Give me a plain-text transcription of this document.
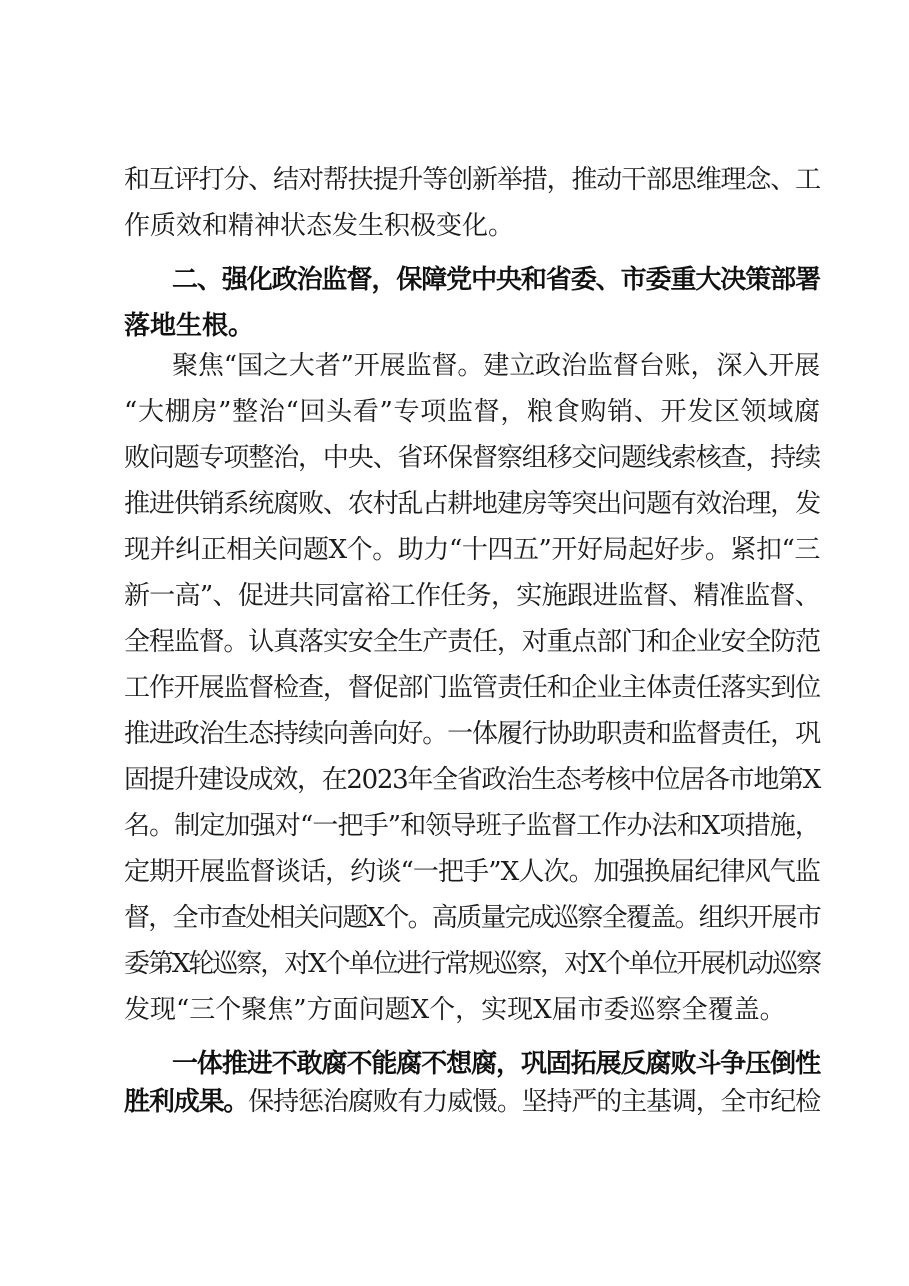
和互评打分、结对帮扶提升等创新举措，推动干部思维理念、工
作质效和精神状态发生积极变化。
二、强化政治监督，保障党中央和省委、市委重大决策部署
落地生根。
聚焦“国之大者”开展监督。建立政治监督台账，深入开展
“大棚房”整治“回头看”专项监督，粮食购销、开发区领域腐
败问题专项整治，中央、省环保督察组移交问题线索核查，持续
推进供销系统腐败、农村乱占耕地建房等突出问题有效治理，发
现并纠正相关问题X个。助力“十四五”开好局起好步。紧扣“三
新一高”、促进共同富裕工作任务，实施跟进监督、精准监督、
全程监督。认真落实安全生产责任，对重点部门和企业安全防范
工作开展监督检查，督促部门监管责任和企业主体责任落实到位
推进政治生态持续向善向好。一体履行协助职责和监督责任，巩
固提升建设成效，在2023年全省政治生态考核中位居各市地第X
名。制定加强对“一把手”和领导班子监督工作办法和X项措施，
定期开展监督谈话，约谈“一把手”X人次。加强换届纪律风气监
督，全市查处相关问题X个。高质量完成巡察全覆盖。组织开展市
委第X轮巡察，对X个单位进行常规巡察，对X个单位开展机动巡察
发现“三个聚焦”方面问题X个，实现X届市委巡察全覆盖。
一体推进不敢腐不能腐不想腐，巩固拓展反腐败斗争压倒性
胜利成果。保持惩治腐败有力威慑。坚持严的主基调，全市纪检
